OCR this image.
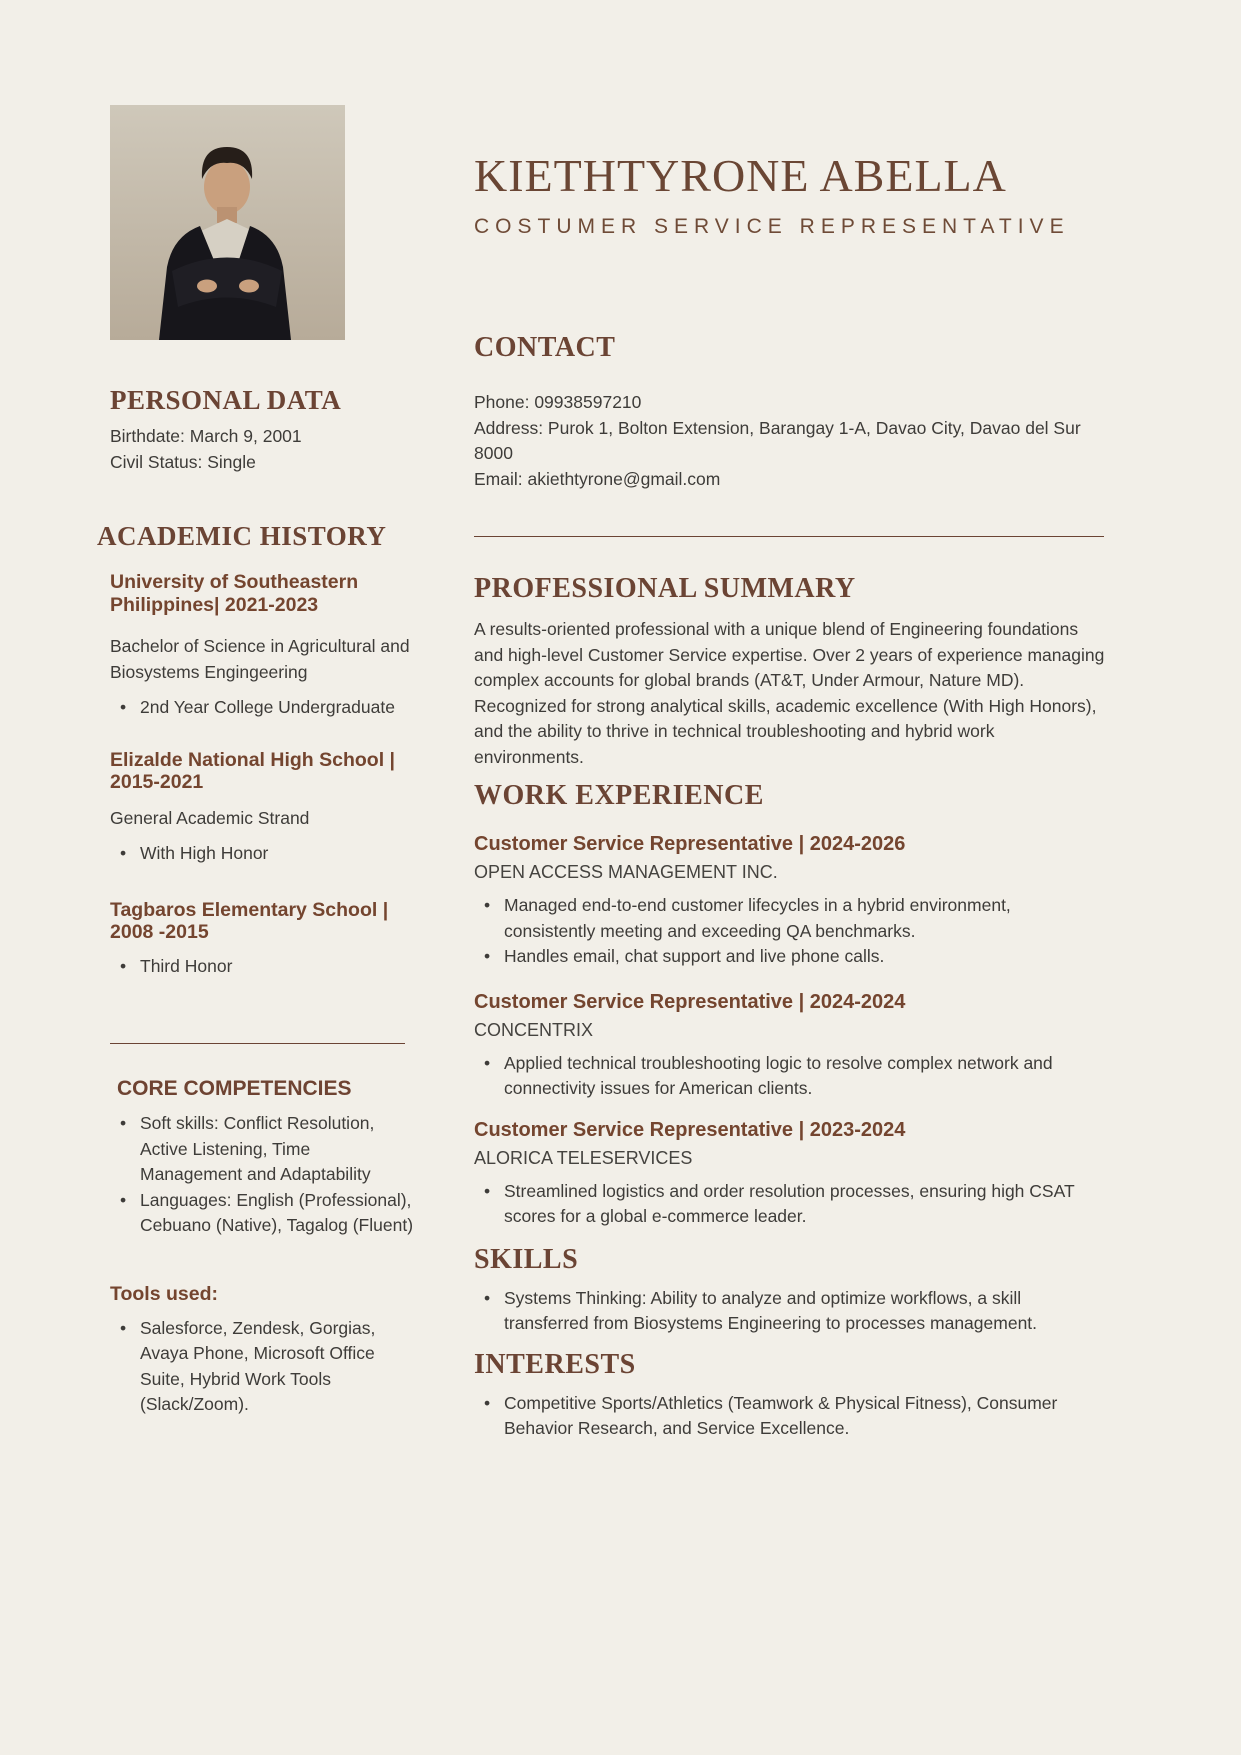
PERSONAL DATA
Birthdate: March 9, 2001
Civil Status: Single
ACADEMIC HISTORY
University of Southeastern Philippines| 2021-2023
Bachelor of Science in Agricultural and Biosystems Engingeering
• 2nd Year College Undergraduate
Elizalde National High School | 2015-2021
General Academic Strand
• With High Honor
Tagbaros Elementary School | 2008 -2015
• Third Honor
CORE COMPETENCIES
• Soft skills: Conflict Resolution, Active Listening, Time Management and Adaptability
• Languages: English (Professional), Cebuano (Native), Tagalog (Fluent)
Tools used:
• Salesforce, Zendesk, Gorgias, Avaya Phone, Microsoft Office Suite, Hybrid Work Tools (Slack/Zoom).
KIETHTYRONE ABELLA
COSTUMER SERVICE REPRESENTATIVE
CONTACT
Phone: 09938597210
Address: Purok 1, Bolton Extension, Barangay 1-A, Davao City, Davao del Sur 8000
Email: akiethtyrone@gmail.com
PROFESSIONAL SUMMARY
A results-oriented professional with a unique blend of Engineering foundations and high-level Customer Service expertise. Over 2 years of experience managing complex accounts for global brands (AT&T, Under Armour, Nature MD). Recognized for strong analytical skills, academic excellence (With High Honors), and the ability to thrive in technical troubleshooting and hybrid work environments.
WORK EXPERIENCE
Customer Service Representative | 2024-2026
OPEN ACCESS MANAGEMENT INC.
• Managed end-to-end customer lifecycles in a hybrid environment, consistently meeting and exceeding QA benchmarks.
• Handles email, chat support and live phone calls.
Customer Service Representative | 2024-2024
CONCENTRIX
• Applied technical troubleshooting logic to resolve complex network and connectivity issues for American clients.
Customer Service Representative | 2023-2024
ALORICA TELESERVICES
• Streamlined logistics and order resolution processes, ensuring high CSAT scores for a global e-commerce leader.
SKILLS
• Systems Thinking: Ability to analyze and optimize workflows, a skill transferred from Biosystems Engineering to processes management.
INTERESTS
• Competitive Sports/Athletics (Teamwork & Physical Fitness), Consumer Behavior Research, and Service Excellence.
